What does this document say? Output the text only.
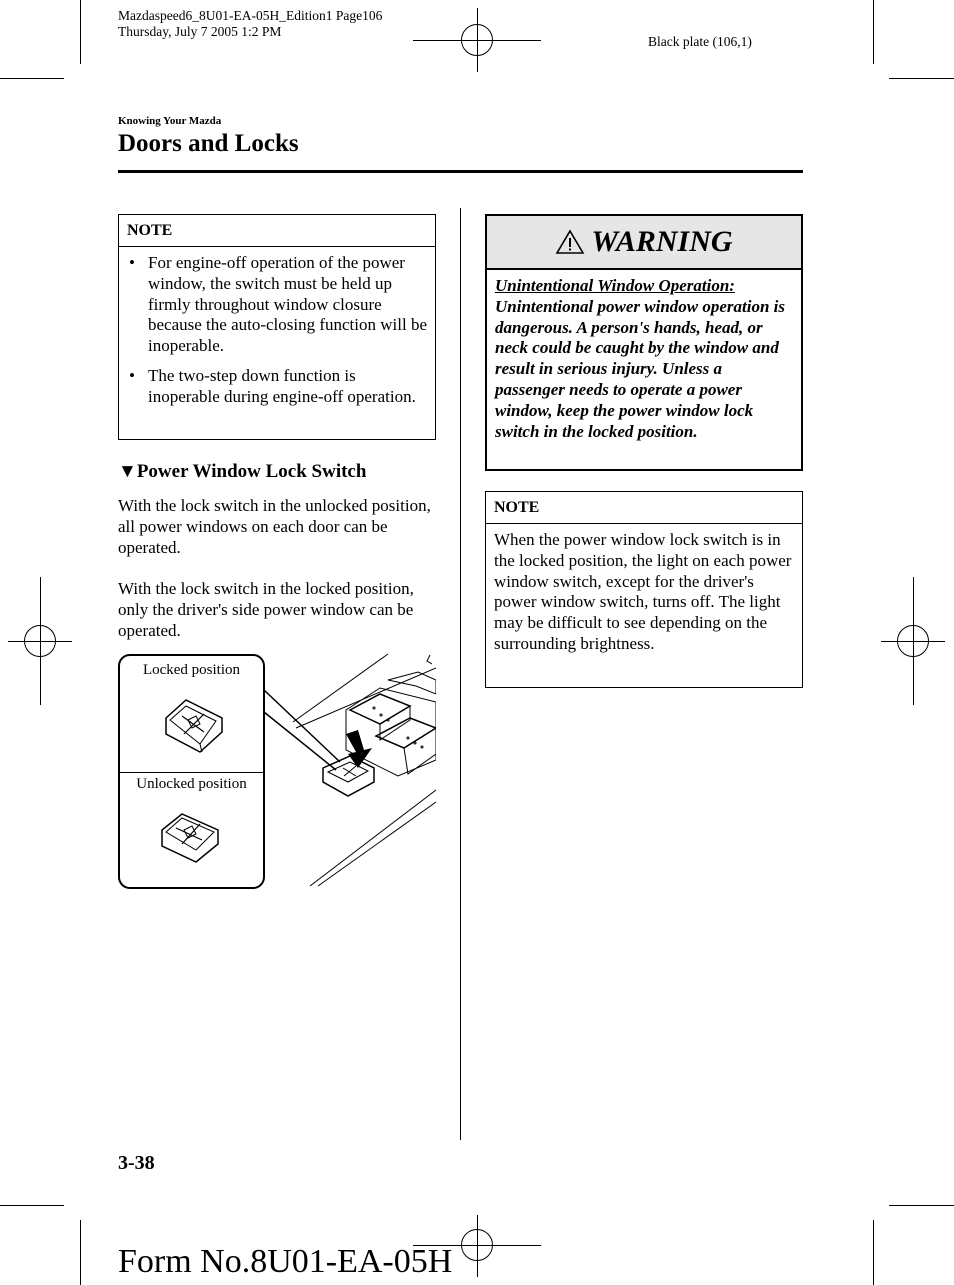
Mazdaspeed6_8U01-EA-05H_Edition1 Page106
Thursday, July 7 2005 1:2 PM
Black plate (106,1)
Knowing Your Mazda
Doors and Locks
NOTE
• For engine-off operation of the power window, the switch must be held up firmly throughout window closure because the auto-closing function will be inoperable.
• The two-step down function is inoperable during engine-off operation.
▼Power Window Lock Switch
With the lock switch in the unlocked position, all power windows on each door can be operated.
With the lock switch in the locked position, only the driver's side power window can be operated.
Locked position
Unlocked position
WARNING
Unintentional Window Operation: Unintentional power window operation is dangerous. A person's hands, head, or neck could be caught by the window and result in serious injury. Unless a passenger needs to operate a power window, keep the power window lock switch in the locked position.
NOTE
When the power window lock switch is in the locked position, the light on each power window switch, except for the driver's power window switch, turns off. The light may be difficult to see depending on the surrounding brightness.
3-38
Form No.8U01-EA-05H
